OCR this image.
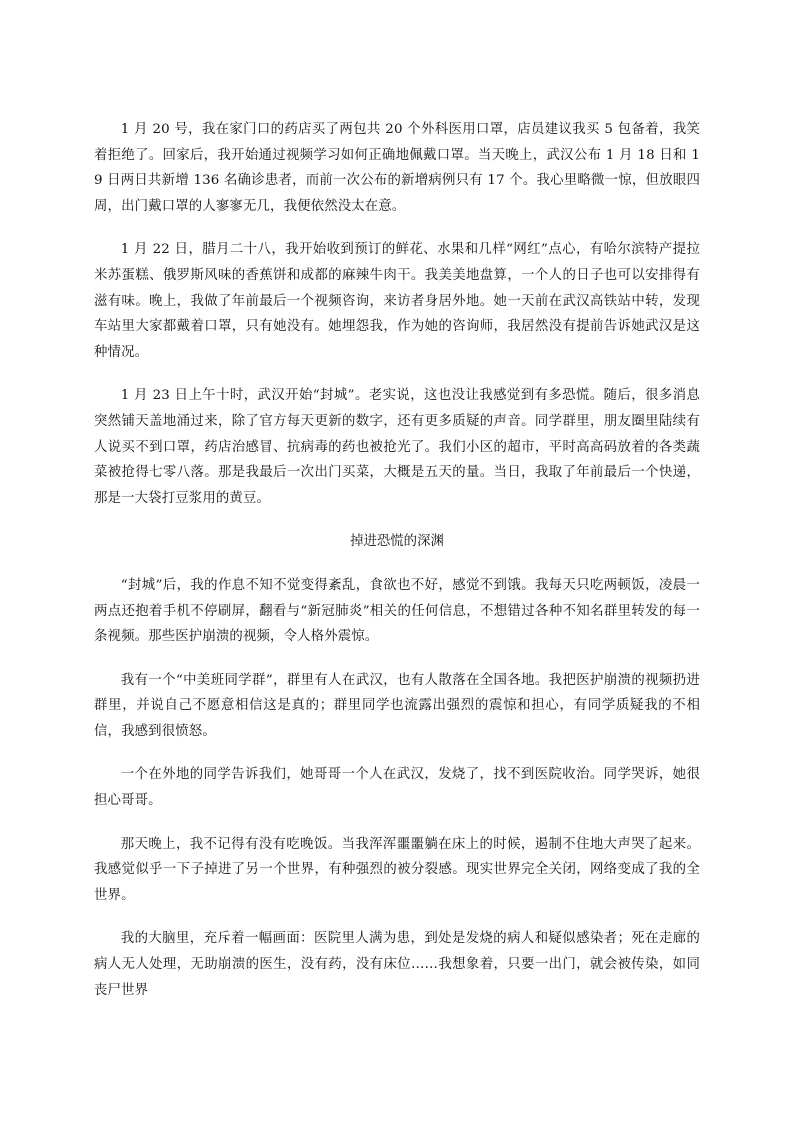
1 月 20 号，我在家门口的药店买了两包共 20 个外科医用口罩，店员建议我买 5 包备着，我笑着拒绝了。回家后，我开始通过视频学习如何正确地佩戴口罩。当天晚上，武汉公布 1 月 18 日和 19 日两日共新增 136 名确诊患者，而前一次公布的新增病例只有 17 个。我心里略微一惊，但放眼四周，出门戴口罩的人寥寥无几，我便依然没太在意。

1 月 22 日，腊月二十八，我开始收到预订的鲜花、水果和几样“网红”点心，有哈尔滨特产提拉米苏蛋糕、俄罗斯风味的香蕉饼和成都的麻辣牛肉干。我美美地盘算，一个人的日子也可以安排得有滋有味。晚上，我做了年前最后一个视频咨询，来访者身居外地。她一天前在武汉高铁站中转，发现车站里大家都戴着口罩，只有她没有。她埋怨我，作为她的咨询师，我居然没有提前告诉她武汉是这种情况。

1 月 23 日上午十时，武汉开始“封城”。老实说，这也没让我感觉到有多恐慌。随后，很多消息突然铺天盖地涌过来，除了官方每天更新的数字，还有更多质疑的声音。同学群里，朋友圈里陆续有人说买不到口罩，药店治感冒、抗病毒的药也被抢光了。我们小区的超市，平时高高码放着的各类蔬菜被抢得七零八落。那是我最后一次出门买菜，大概是五天的量。当日，我取了年前最后一个快递，那是一大袋打豆浆用的黄豆。

掉进恐慌的深渊

“封城”后，我的作息不知不觉变得紊乱，食欲也不好，感觉不到饿。我每天只吃两顿饭，凌晨一两点还抱着手机不停刷屏，翻看与“新冠肺炎”相关的任何信息，不想错过各种不知名群里转发的每一条视频。那些医护崩溃的视频，令人格外震惊。

我有一个“中美班同学群”，群里有人在武汉，也有人散落在全国各地。我把医护崩溃的视频扔进群里，并说自己不愿意相信这是真的；群里同学也流露出强烈的震惊和担心，有同学质疑我的不相信，我感到很愤怒。

一个在外地的同学告诉我们，她哥哥一个人在武汉，发烧了，找不到医院收治。同学哭诉，她很担心哥哥。

那天晚上，我不记得有没有吃晚饭。当我浑浑噩噩躺在床上的时候，遏制不住地大声哭了起来。我感觉似乎一下子掉进了另一个世界，有种强烈的被分裂感。现实世界完全关闭，网络变成了我的全世界。

我的大脑里，充斥着一幅画面：医院里人满为患，到处是发烧的病人和疑似感染者；死在走廊的病人无人处理，无助崩溃的医生，没有药，没有床位……我想象着，只要一出门，就会被传染，如同丧尸世界
